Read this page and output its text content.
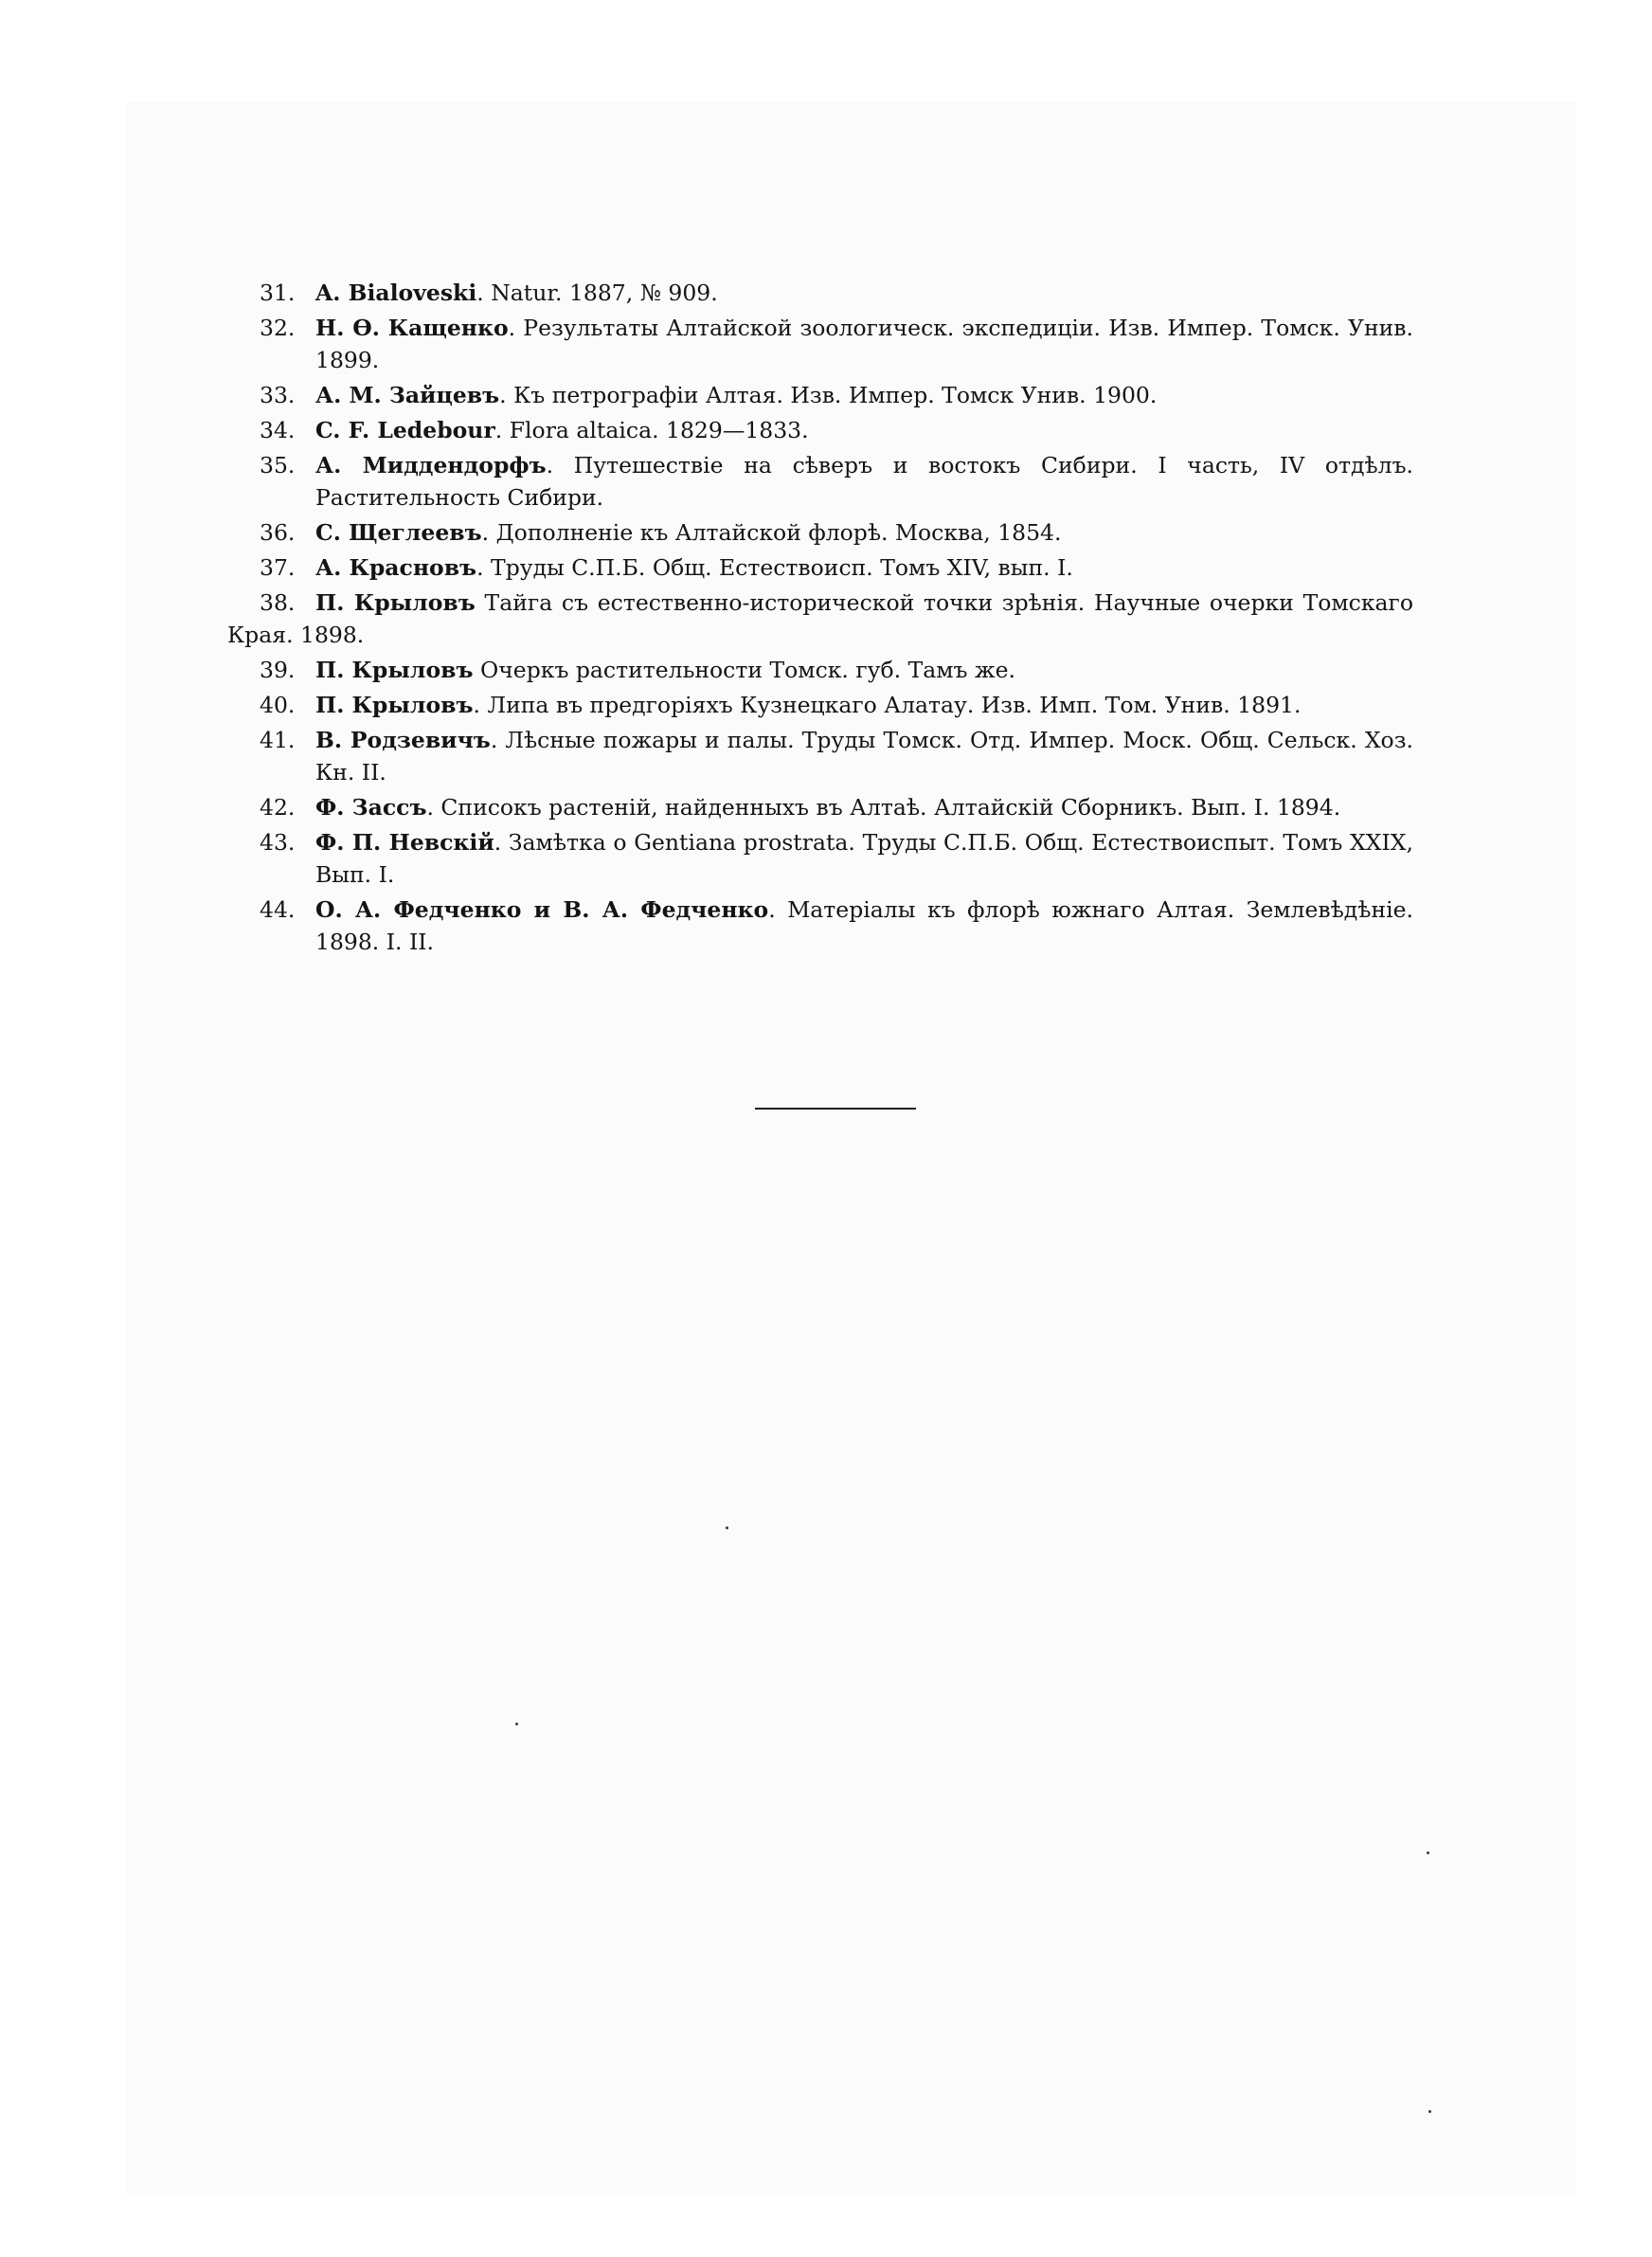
31. A. Bialoveski. Natur. 1887, № 909.
32. Н. Ѳ. Кащенко. Результаты Алтайской зоологическ. экспедиціи. Изв. Импер. Томск. Унив. 1899.
33. А. М. Зайцевъ. Къ петрографіи Алтая. Изв. Импер. Томск Унив. 1900.
34. C. F. Ledebour. Flora altaica. 1829—1833.
35. А. Миддендорфъ. Путешествіе на сѣверъ и востокъ Сибири. I часть, IV отдѣлъ. Растительность Сибири.
36. С. Щеглеевъ. Дополненіе къ Алтайской флорѣ. Москва, 1854.
37. А. Красновъ. Труды С.П.Б. Общ. Естествоисп. Томъ XIV, вып. I.
38. П. Крыловъ Тайга съ естественно-исторической точки зрѣнія. Научные очерки Томскаго Края. 1898.
39. П. Крыловъ Очеркъ растительности Томск. губ. Тамъ же.
40. П. Крыловъ. Липа въ предгоріяхъ Кузнецкаго Алатау. Изв. Имп. Том. Унив. 1891.
41. В. Родзевичъ. Лѣсные пожары и палы. Труды Томск. Отд. Импер. Моск. Общ. Сельск. Хоз. Кн. II.
42. Ф. Зассъ. Списокъ растеній, найденныхъ въ Алтаѣ. Алтайскій Сборникъ. Вып. I. 1894.
43. Ф. П. Невскій. Замѣтка о Gentiana prostrata. Труды С.П.Б. Общ. Естествоиспыт. Томъ XXIX, Вып. I.
44. О. А. Федченко и В. А. Федченко. Матеріалы къ флорѣ южнаго Алтая. Землевѣдѣніе. 1898. I. II.
